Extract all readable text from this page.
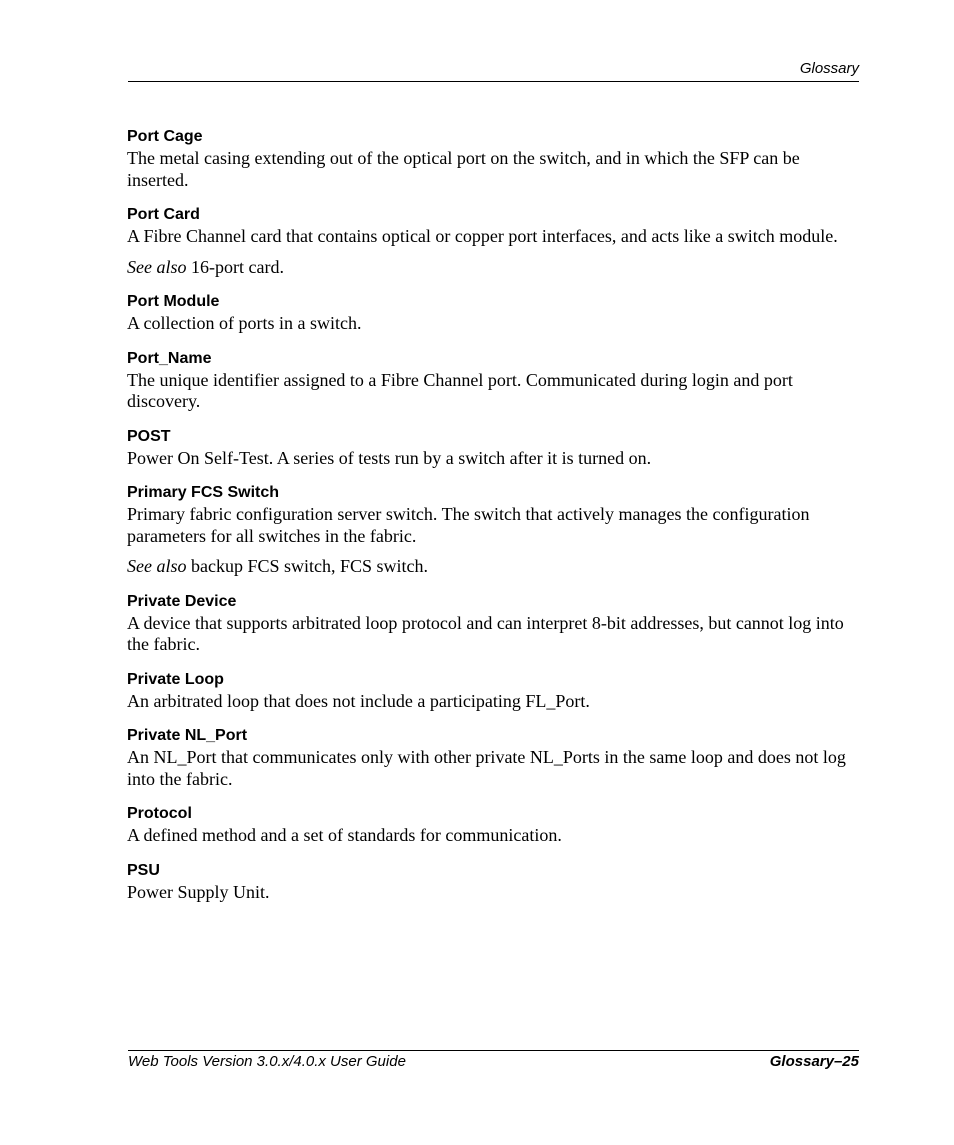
Glossary
Port Cage
The metal casing extending out of the optical port on the switch, and in which the SFP can be inserted.
Port Card
A Fibre Channel card that contains optical or copper port interfaces, and acts like a switch module.
See also 16-port card.
Port Module
A collection of ports in a switch.
Port_Name
The unique identifier assigned to a Fibre Channel port. Communicated during login and port discovery.
POST
Power On Self-Test. A series of tests run by a switch after it is turned on.
Primary FCS Switch
Primary fabric configuration server switch. The switch that actively manages the configuration parameters for all switches in the fabric.
See also backup FCS switch, FCS switch.
Private Device
A device that supports arbitrated loop protocol and can interpret 8-bit addresses, but cannot log into the fabric.
Private Loop
An arbitrated loop that does not include a participating FL_Port.
Private NL_Port
An NL_Port that communicates only with other private NL_Ports in the same loop and does not log into the fabric.
Protocol
A defined method and a set of standards for communication.
PSU
Power Supply Unit.
Web Tools Version 3.0.x/4.0.x User Guide	Glossary–25
